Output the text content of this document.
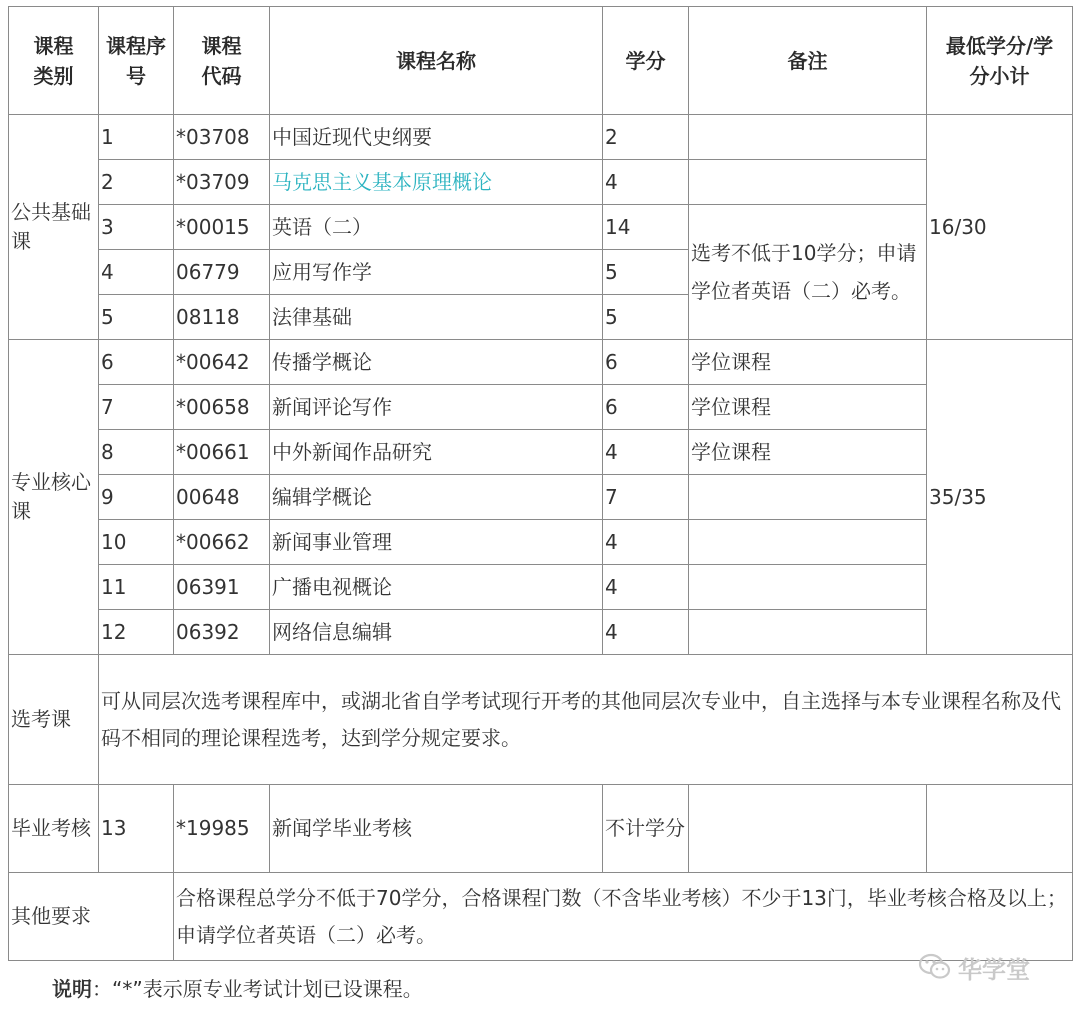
课程类别	课程序号	课程代码	课程名称	学分	备注	最低学分/学分小计
公共基础课	1	*03708	中国近现代史纲要	2		16/30
	2	*03709	马克思主义基本原理概论	4		
	3	*00015	英语（二）	14	选考不低于10学分；申请学位者英语（二）必考。	
	4	06779	应用写作学	5		
	5	08118	法律基础	5		
专业核心课	6	*00642	传播学概论	6	学位课程	35/35
	7	*00658	新闻评论写作	6	学位课程	
	8	*00661	中外新闻作品研究	4	学位课程	
	9	00648	编辑学概论	7		
	10	*00662	新闻事业管理	4		
	11	06391	广播电视概论	4		
	12	06392	网络信息编辑	4		
选考课	可从同层次选考课程库中，或湖北省自学考试现行开考的其他同层次专业中，自主选择与本专业课程名称及代码不相同的理论课程选考，达到学分规定要求。					
毕业考核	13	*19985	新闻学毕业考核	不计学分		
其他要求		合格课程总学分不低于70学分，合格课程门数（不含毕业考核）不少于13门，毕业考核合格及以上；申请学位者英语（二）必考。				
说明：“*”表示原专业考试计划已设课程。
华学堂
